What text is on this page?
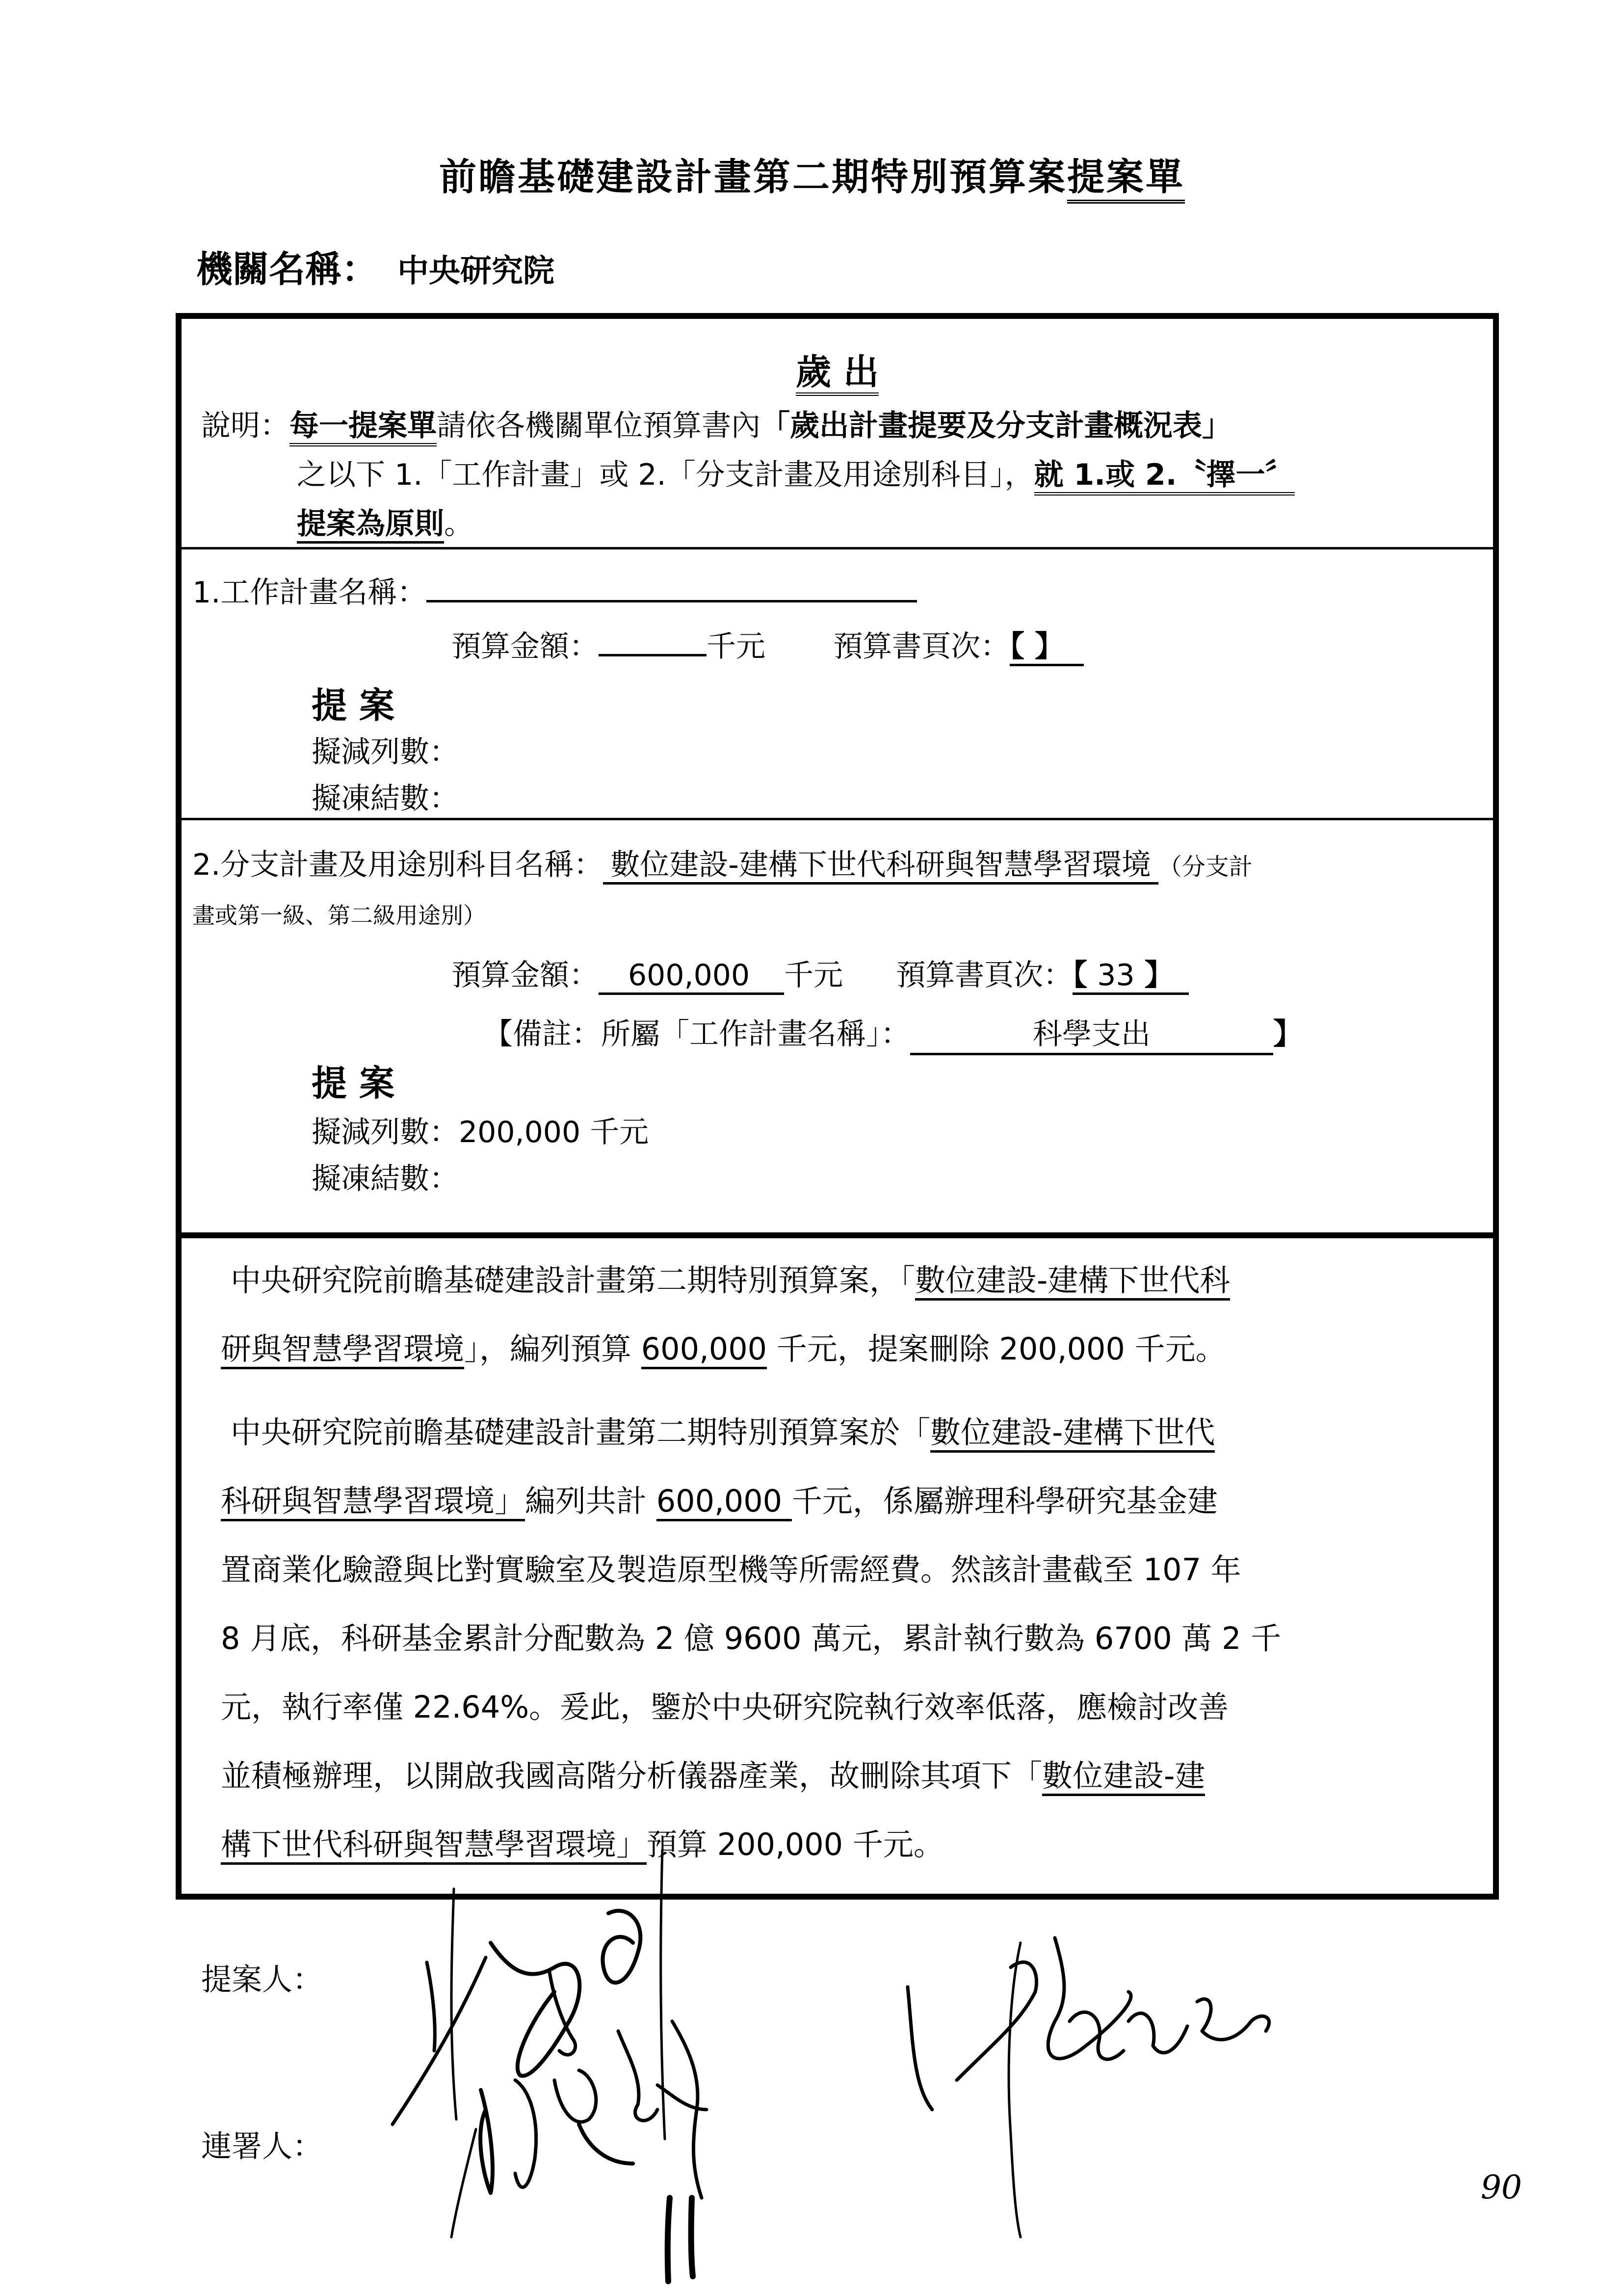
前瞻基礎建設計畫第二期特別預算案提案單
機關名稱： 中央研究院
歲 出
說明：每一提案單請依各機關單位預算書內「歲出計畫提要及分支計畫概況表」
之以下 1.「工作計畫」或 2.「分支計畫及用途別科目」，就 1.或 2.〝擇一〞
提案為原則。
1.工作計畫名稱：
預算金額：	千元 預算書頁次：【 】
提 案
擬減列數：
擬凍結數：
2.分支計畫及用途別科目名稱： 數位建設-建構下世代科研與智慧學習環境 （分支計
畫或第一級、第二級用途別）
預算金額： 600,000 千元 預算書頁次：【 33 】
【備註：所屬「工作計畫名稱」：	科學支出	】
提 案
擬減列數：200,000 千元
擬凍結數：
中央研究院前瞻基礎建設計畫第二期特別預算案，「數位建設-建構下世代科
研與智慧學習環境」，編列預算 600,000 千元，提案刪除 200,000 千元。
中央研究院前瞻基礎建設計畫第二期特別預算案於「數位建設-建構下世代
科研與智慧學習環境」編列共計 600,000 千元，係屬辦理科學研究基金建
置商業化驗證與比對實驗室及製造原型機等所需經費。然該計畫截至 107 年
8 月底，科研基金累計分配數為 2 億 9600 萬元，累計執行數為 6700 萬 2 千
元，執行率僅 22.64%。爰此，鑒於中央研究院執行效率低落，應檢討改善
並積極辦理，以開啟我國高階分析儀器產業，故刪除其項下「數位建設-建
構下世代科研與智慧學習環境」預算 200,000 千元。
提案人：
連署人：
90
